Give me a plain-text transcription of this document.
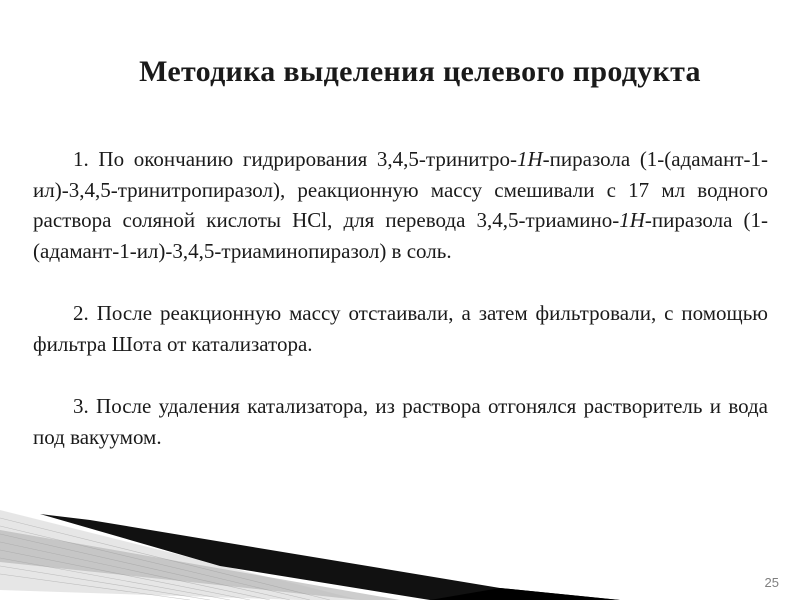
Методика выделения целевого продукта

1. По окончанию гидрирования 3,4,5-тринитро-1H-пиразола (1-(адамант-1-ил)-3,4,5-тринитропиразол), реакционную массу смешивали с 17 мл водного раствора соляной кислоты HCl, для перевода 3,4,5-триамино-1H-пиразола (1-(адамант-1-ил)-3,4,5-триаминопиразол) в соль.

2. После реакционную массу отстаивали, а затем фильтровали, с помощью фильтра Шота от катализатора.

3. После удаления катализатора, из раствора отгонялся растворитель и вода под вакуумом.

25
